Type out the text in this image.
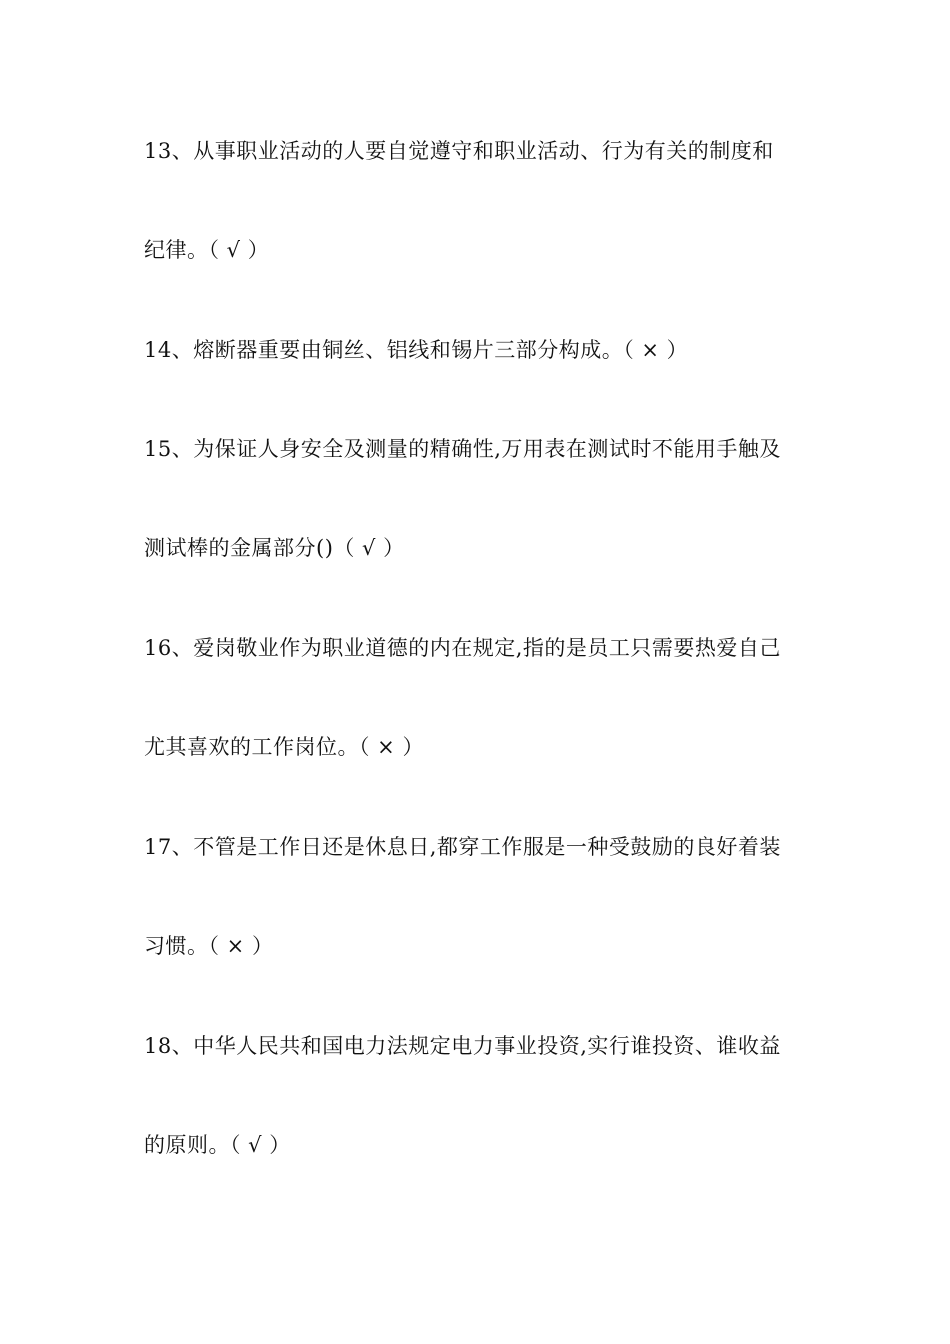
13、从事职业活动的人要自觉遵守和职业活动、行为有关的制度和
纪律。（ √ ）
14、熔断器重要由铜丝、铝线和锡片三部分构成。（ × ）
15、为保证人身安全及测量的精确性,万用表在测试时不能用手触及
测试棒的金属部分()（ √ ）
16、爱岗敬业作为职业道德的内在规定,指的是员工只需要热爱自己
尤其喜欢的工作岗位。（ × ）
17、不管是工作日还是休息日,都穿工作服是一种受鼓励的良好着装
习惯。（ × ）
18、中华人民共和国电力法规定电力事业投资,实行谁投资、谁收益
的原则。（ √ ）
